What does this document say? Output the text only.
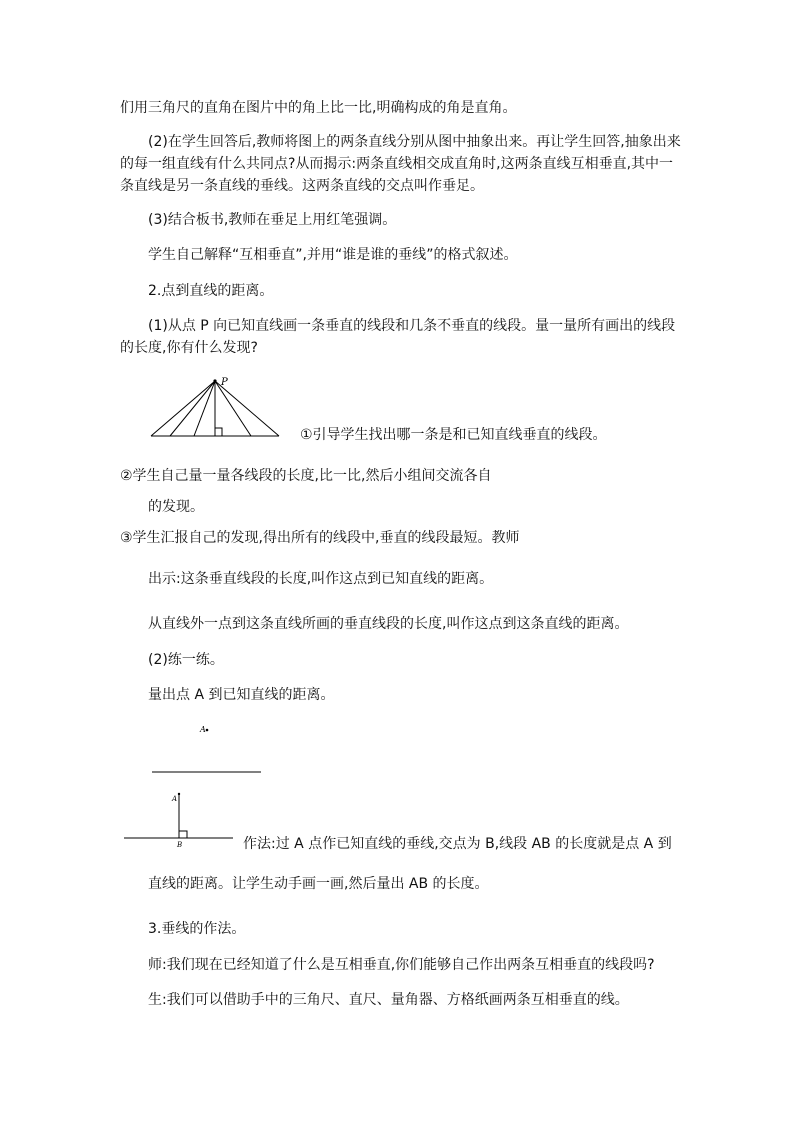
们用三角尺的直角在图片中的角上比一比,明确构成的角是直角。
(2)在学生回答后,教师将图上的两条直线分别从图中抽象出来。再让学生回答,抽象出来
的每一组直线有什么共同点?从而揭示:两条直线相交成直角时,这两条直线互相垂直,其中一
条直线是另一条直线的垂线。这两条直线的交点叫作垂足。
(3)结合板书,教师在垂足上用红笔强调。
学生自己解释“互相垂直”,并用“谁是谁的垂线”的格式叙述。
2.点到直线的距离。
(1)从点 P 向已知直线画一条垂直的线段和几条不垂直的线段。量一量所有画出的线段
的长度,你有什么发现?
P
①引导学生找出哪一条是和已知直线垂直的线段。
②学生自己量一量各线段的长度,比一比,然后小组间交流各自
的发现。
③学生汇报自己的发现,得出所有的线段中,垂直的线段最短。教师
出示:这条垂直线段的长度,叫作这点到已知直线的距离。
从直线外一点到这条直线所画的垂直线段的长度,叫作这点到这条直线的距离。
(2)练一练。
量出点 A 到已知直线的距离。
A
A
B	作法:过 A 点作已知直线的垂线,交点为 B,线段 AB 的长度就是点 A 到
直线的距离。让学生动手画一画,然后量出 AB 的长度。
3.垂线的作法。
师:我们现在已经知道了什么是互相垂直,你们能够自己作出两条互相垂直的线段吗?
生:我们可以借助手中的三角尺、直尺、量角器、方格纸画两条互相垂直的线。
